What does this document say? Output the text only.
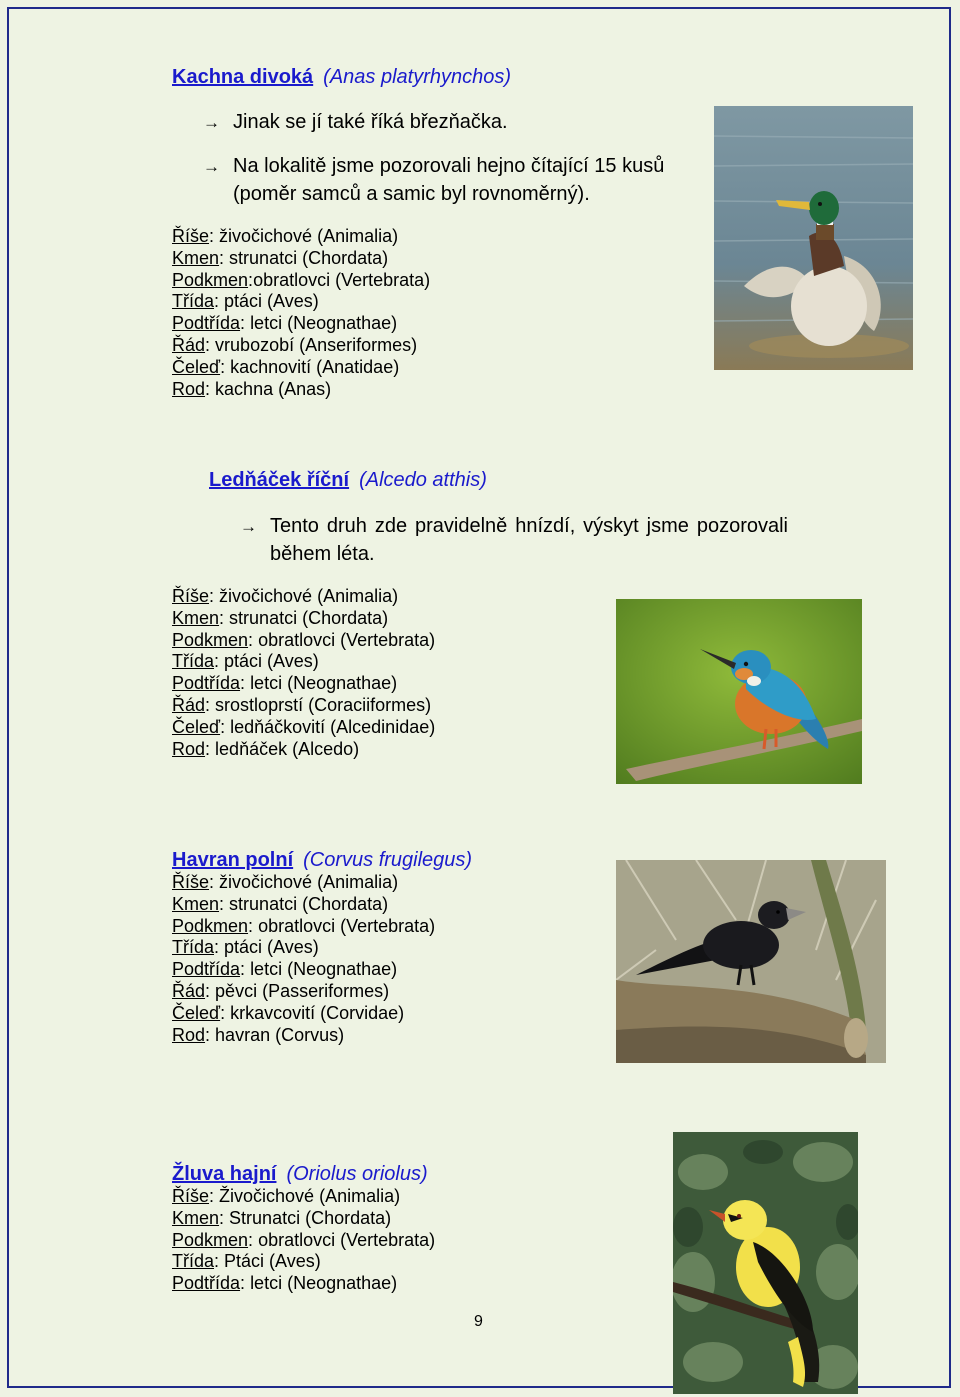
Kachna divoká (Anas platyrhynchos)
→ Jinak se jí také říká březňačka.
→ Na lokalitě jsme pozorovali hejno čítající 15 kusů (poměr samců a samic byl rovnoměrný).
Říše: živočichové (Animalia)
Kmen: strunatci (Chordata)
Podkmen:obratlovci (Vertebrata)
Třída: ptáci (Aves)
Podtřída: letci (Neognathae)
Řád: vrubozobí (Anseriformes)
Čeleď: kachnovití (Anatidae)
Rod: kachna (Anas)
Ledňáček říční (Alcedo atthis)
→ Tento druh zde pravidelně hnízdí, výskyt jsme pozorovali během léta.
Říše: živočichové (Animalia)
Kmen: strunatci (Chordata)
Podkmen: obratlovci (Vertebrata)
Třída: ptáci (Aves)
Podtřída: letci (Neognathae)
Řád: srostloprstí (Coraciiformes)
Čeleď: ledňáčkovití (Alcedinidae)
Rod: ledňáček (Alcedo)
Havran polní (Corvus frugilegus)
Říše: živočichové (Animalia)
Kmen: strunatci (Chordata)
Podkmen: obratlovci (Vertebrata)
Třída: ptáci (Aves)
Podtřída: letci (Neognathae)
Řád: pěvci (Passeriformes)
Čeleď: krkavcovití (Corvidae)
Rod: havran (Corvus)
Žluva hajní (Oriolus oriolus)
Říše: Živočichové (Animalia)
Kmen: Strunatci (Chordata)
Podkmen: obratlovci (Vertebrata)
Třída: Ptáci (Aves)
Podtřída: letci (Neognathae)
9
